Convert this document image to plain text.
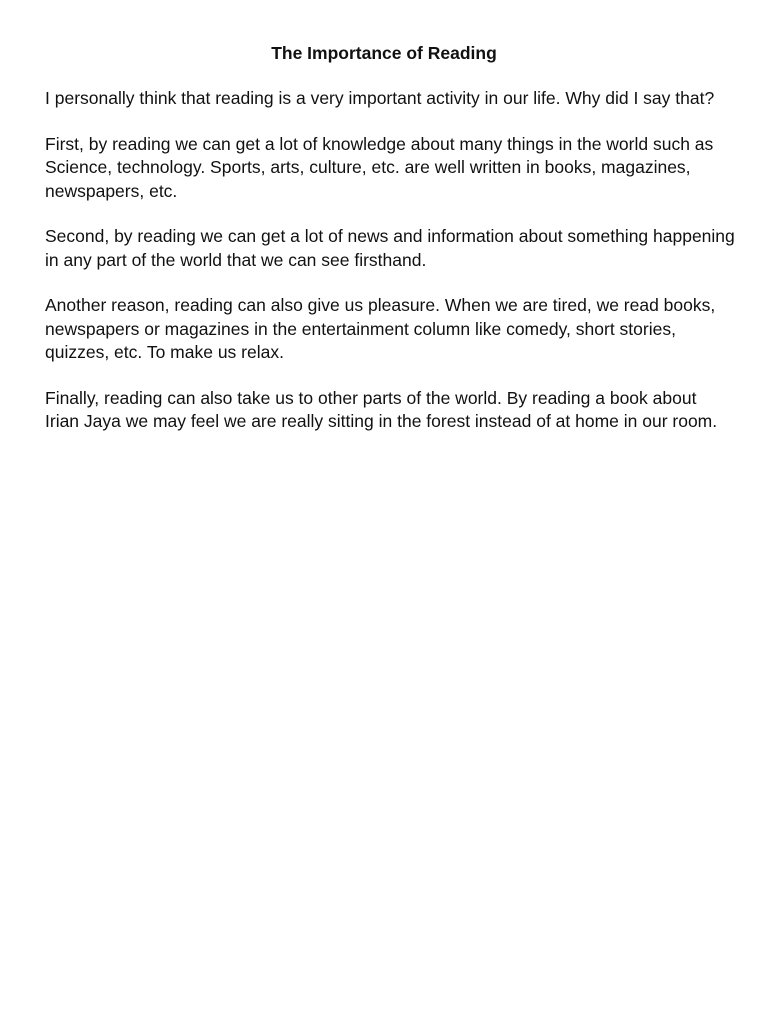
The Importance of Reading

I personally think that reading is a very important activity in our life. Why did I say that?

First, by reading we can get a lot of knowledge about many things in the world such as Science, technology. Sports, arts, culture, etc. are well written in books, magazines, newspapers, etc.

Second, by reading we can get a lot of news and information about something happening in any part of the world that we can see firsthand.

Another reason, reading can also give us pleasure. When we are tired, we read books, newspapers or magazines in the entertainment column like comedy, short stories, quizzes, etc. To make us relax.

Finally, reading can also take us to other parts of the world. By reading a book about Irian Jaya we may feel we are really sitting in the forest instead of at home in our room.
